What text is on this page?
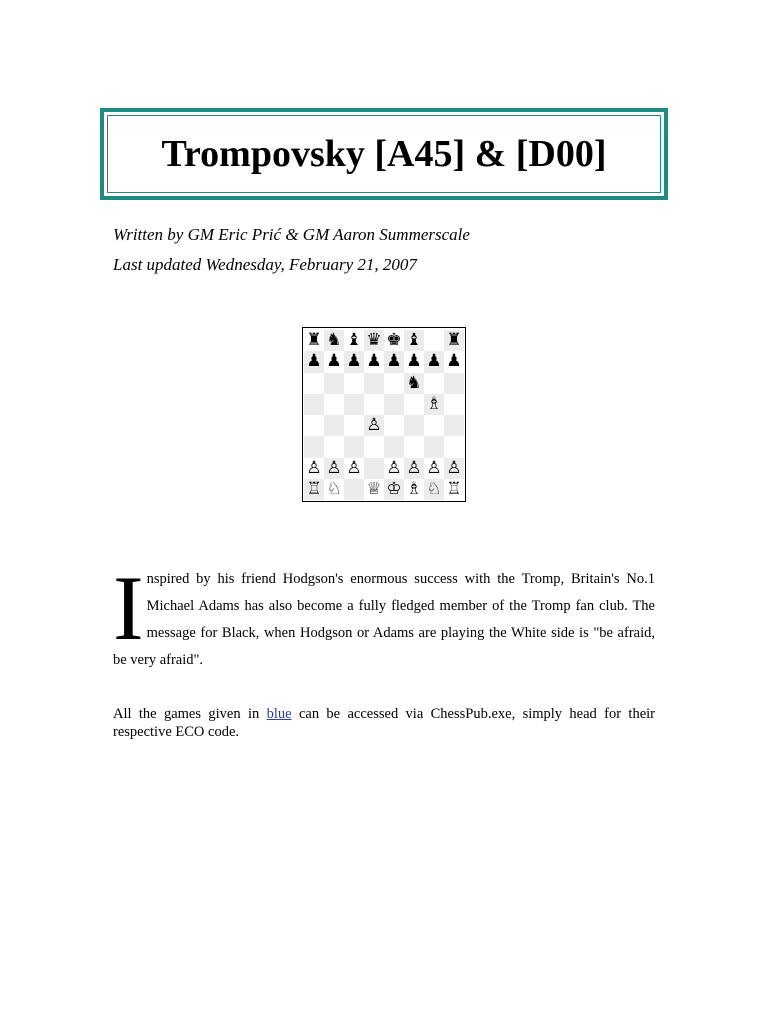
Trompovsky [A45] & [D00]
Written by GM Eric Prić & GM Aaron Summerscale
Last updated Wednesday, February 21, 2007
♜ ♞ ♝ ♛ ♚ ♝ ♜
♟ ♟ ♟ ♟ ♟ ♟ ♟ ♟
♞
♗
♙
♙ ♙ ♙ ♙ ♙ ♙ ♙
♖ ♘ ♕ ♔ ♗ ♘ ♖
Inspired by his friend Hodgson's enormous success with the Tromp, Britain's No.1 Michael Adams has also become a fully fledged member of the Tromp fan club. The message for Black, when Hodgson or Adams are playing the White side is "be afraid, be very afraid".
All the games given in blue can be accessed via ChessPub.exe, simply head for their respective ECO code.
